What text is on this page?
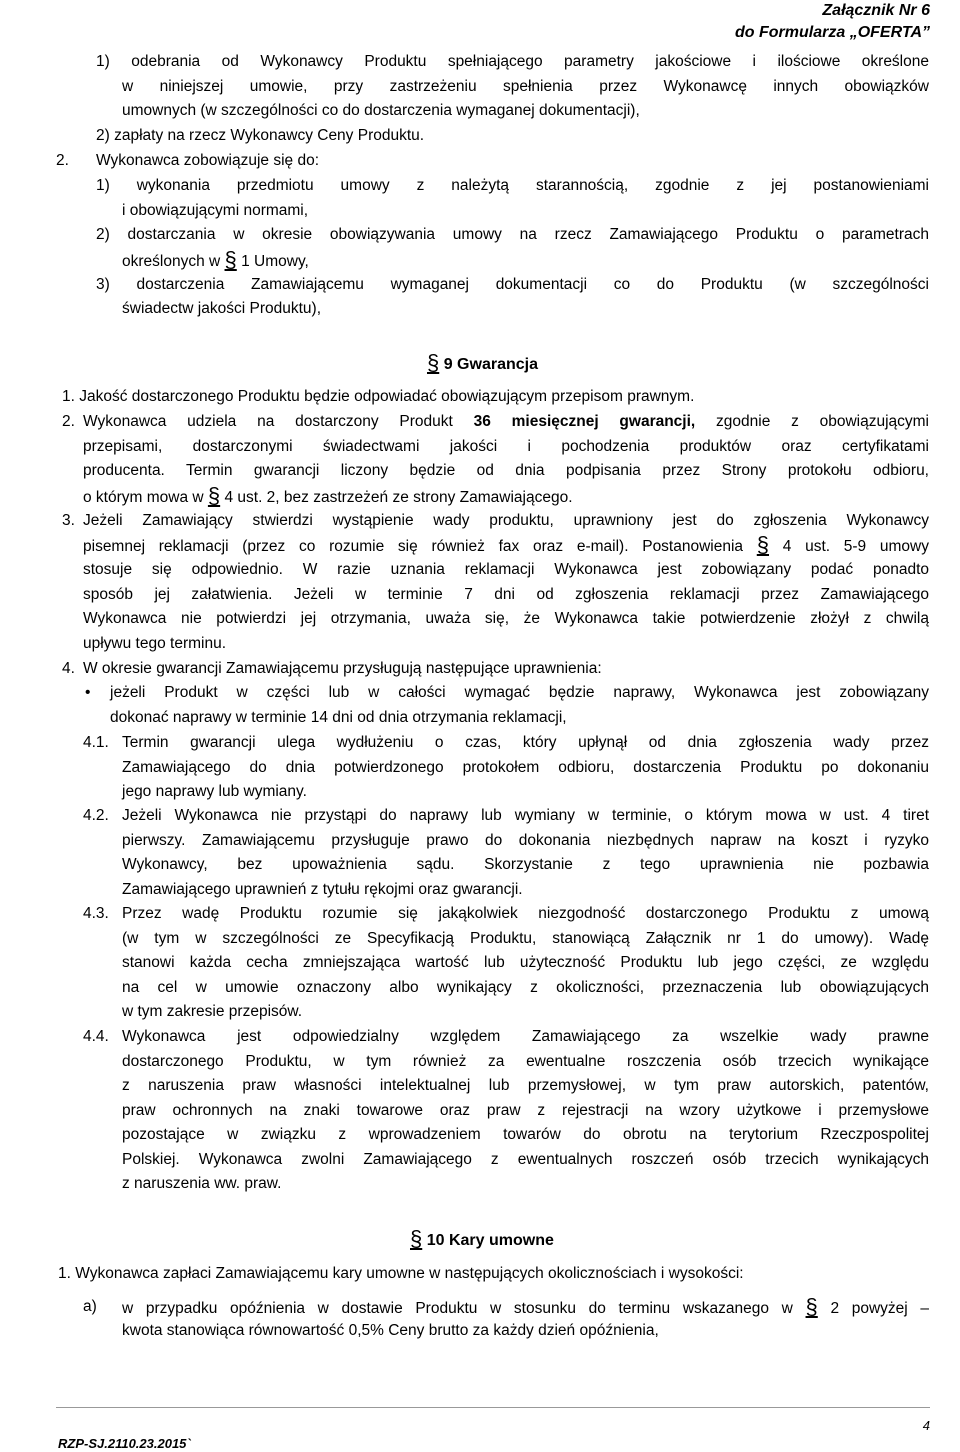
Załącznik Nr 6
do Formularza „OFERTA”
1) odebrania od Wykonawcy Produktu spełniającego parametry jakościowe i ilościowe określone
w niniejszej umowie, przy zastrzeżeniu spełnienia przez Wykonawcę innych obowiązków
umownych (w szczególności co do dostarczenia wymaganej dokumentacji),
2) zapłaty na rzecz Wykonawcy Ceny Produktu.
2. Wykonawca zobowiązuje się do:
1) wykonania przedmiotu umowy z należytą starannością, zgodnie z jej postanowieniami
i obowiązującymi normami,
2) dostarczania w okresie obowiązywania umowy na rzecz Zamawiającego Produktu o parametrach
określonych w § 1 Umowy,
3) dostarczenia Zamawiającemu wymaganej dokumentacji co do Produktu (w szczególności
świadectw jakości Produktu),
§ 9 Gwarancja
1. Jakość dostarczonego Produktu będzie odpowiadać obowiązującym przepisom prawnym.
2. Wykonawca udziela na dostarczony Produkt 36 miesięcznej gwarancji, zgodnie z obowiązującymi
przepisami, dostarczonymi świadectwami jakości i pochodzenia produktów oraz certyfikatami
producenta. Termin gwarancji liczony będzie od dnia podpisania przez Strony protokołu odbioru,
o którym mowa w § 4 ust. 2, bez zastrzeżeń ze strony Zamawiającego.
3. Jeżeli Zamawiający stwierdzi wystąpienie wady produktu, uprawniony jest do zgłoszenia Wykonawcy
pisemnej reklamacji (przez co rozumie się również fax oraz e-mail). Postanowienia § 4 ust. 5-9 umowy
stosuje się odpowiednio. W razie uznania reklamacji Wykonawca jest zobowiązany podać ponadto
sposób jej załatwienia. Jeżeli w terminie 7 dni od zgłoszenia reklamacji przez Zamawiającego
Wykonawca nie potwierdzi jej otrzymania, uważa się, że Wykonawca takie potwierdzenie złożył z chwilą
upływu tego terminu.
4. W okresie gwarancji Zamawiającemu przysługują następujące uprawnienia:
• jeżeli Produkt w części lub w całości wymagać będzie naprawy, Wykonawca jest zobowiązany
dokonać naprawy w terminie 14 dni od dnia otrzymania reklamacji,
4.1. Termin gwarancji ulega wydłużeniu o czas, który upłynął od dnia zgłoszenia wady przez
Zamawiającego do dnia potwierdzonego protokołem odbioru, dostarczenia Produktu po dokonaniu
jego naprawy lub wymiany.
4.2. Jeżeli Wykonawca nie przystąpi do naprawy lub wymiany w terminie, o którym mowa w ust. 4 tiret
pierwszy. Zamawiającemu przysługuje prawo do dokonania niezbędnych napraw na koszt i ryzyko
Wykonawcy, bez upoważnienia sądu. Skorzystanie z tego uprawnienia nie pozbawia
Zamawiającego uprawnień z tytułu rękojmi oraz gwarancji.
4.3. Przez wadę Produktu rozumie się jakąkolwiek niezgodność dostarczonego Produktu z umową
(w tym w szczególności ze Specyfikacją Produktu, stanowiącą Załącznik nr 1 do umowy). Wadę
stanowi każda cecha zmniejszająca wartość lub użyteczność Produktu lub jego części, ze względu
na cel w umowie oznaczony albo wynikający z okoliczności, przeznaczenia lub obowiązujących
w tym zakresie przepisów.
4.4. Wykonawca jest odpowiedzialny względem Zamawiającego za wszelkie wady prawne
dostarczonego Produktu, w tym również za ewentualne roszczenia osób trzecich wynikające
z naruszenia praw własności intelektualnej lub przemysłowej, w tym praw autorskich, patentów,
praw ochronnych na znaki towarowe oraz praw z rejestracji na wzory użytkowe i przemysłowe
pozostające w związku z wprowadzeniem towarów do obrotu na terytorium Rzeczpospolitej
Polskiej. Wykonawca zwolni Zamawiającego z ewentualnych roszczeń osób trzecich wynikających
z naruszenia ww. praw.
§ 10 Kary umowne
1. Wykonawca zapłaci Zamawiającemu kary umowne w następujących okolicznościach i wysokości:
a) w przypadku opóźnienia w dostawie Produktu w stosunku do terminu wskazanego w § 2 powyżej –
kwota stanowiąca równowartość 0,5% Ceny brutto za każdy dzień opóźnienia,
4
RZP-SJ.2110.23.2015`
